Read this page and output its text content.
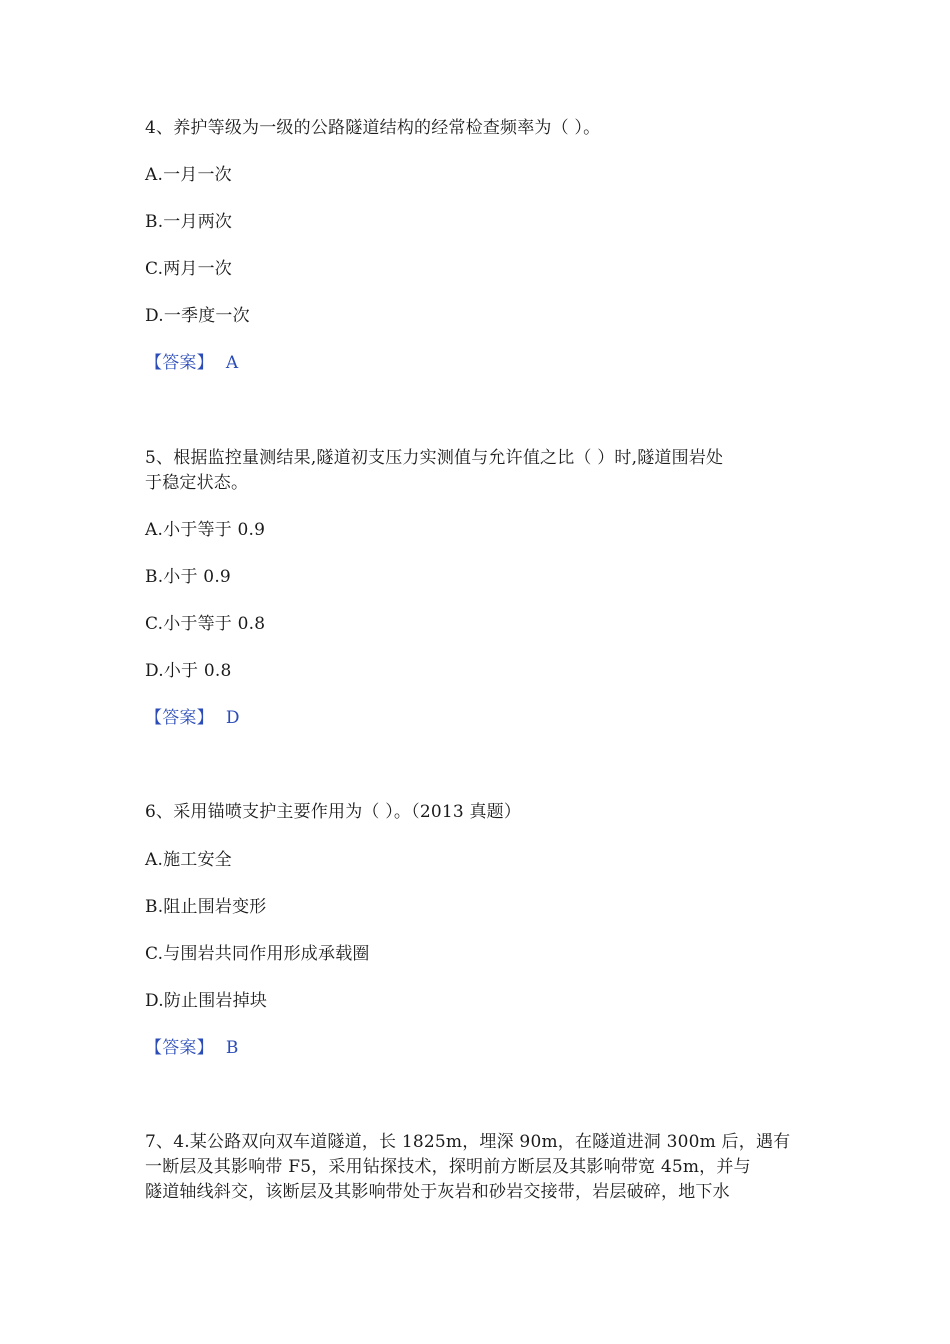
4、养护等级为一级的公路隧道结构的经常检查频率为（ ）。
A.一月一次
B.一月两次
C.两月一次
D.一季度一次
【答案】 A
5、根据监控量测结果,隧道初支压力实测值与允许值之比（ ）时,隧道围岩处
于稳定状态。
A.小于等于 0.9
B.小于 0.9
C.小于等于 0.8
D.小于 0.8
【答案】 D
6、采用锚喷支护主要作用为（ ）。（2013 真题）
A.施工安全
B.阻止围岩变形
C.与围岩共同作用形成承载圈
D.防止围岩掉块
【答案】 B
7、4.某公路双向双车道隧道，长 1825m，埋深 90m，在隧道进洞 300m 后，遇有
一断层及其影响带 F5，采用钻探技术，探明前方断层及其影响带宽 45m，并与
隧道轴线斜交，该断层及其影响带处于灰岩和砂岩交接带，岩层破碎，地下水
